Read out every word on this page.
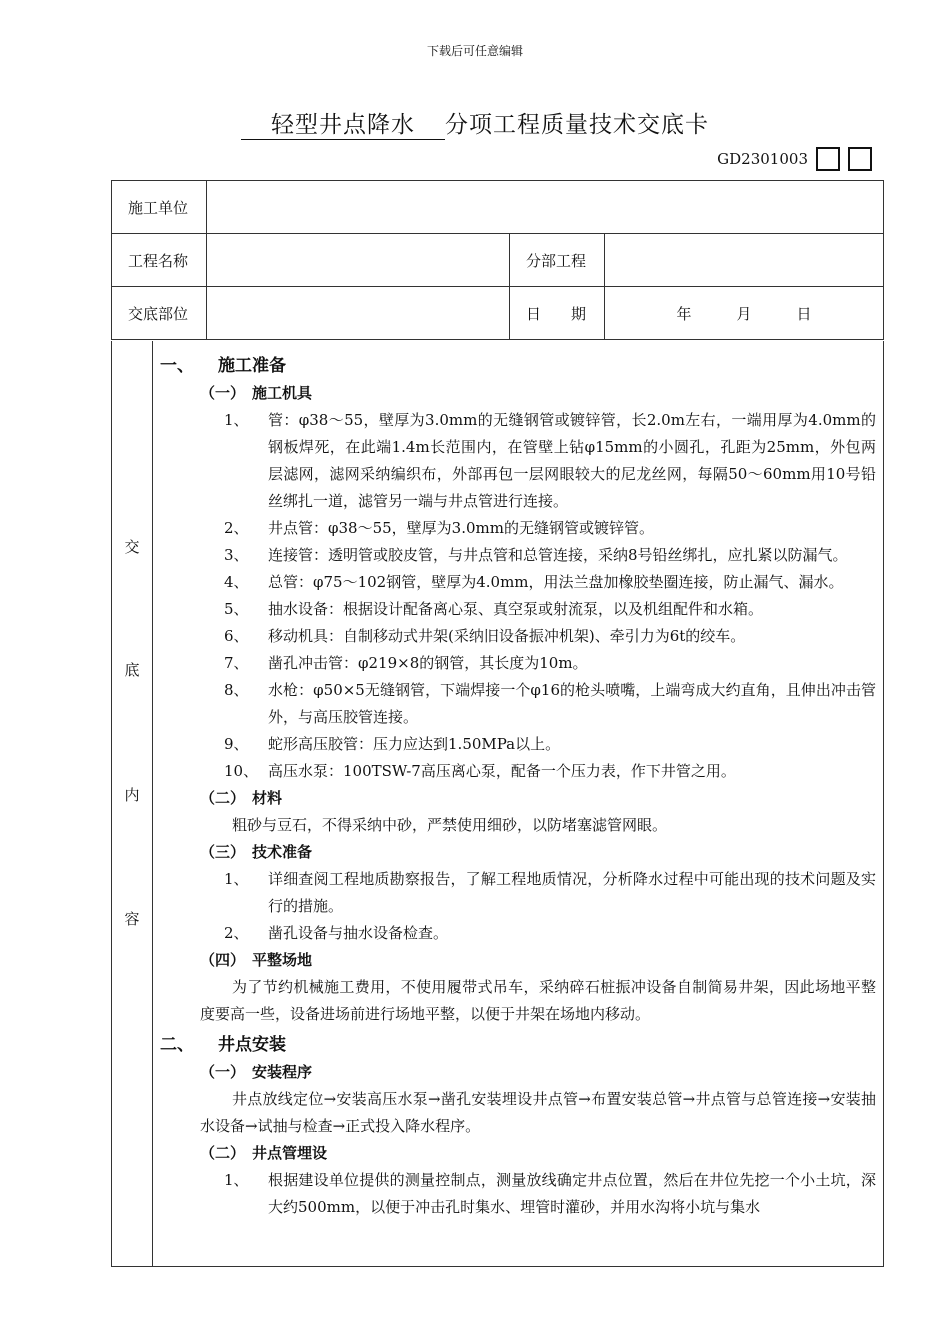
下载后可任意编辑
轻型井点降水 分项工程质量技术交底卡
GD2301003
施工单位			
工程名称		分部工程	
交底部位		日　　期	年　　　月　　　日
交
底
内
容

一、 施工准备

（一） 施工机具

1、	管：φ38～55，壁厚为3.0mm的无缝钢管或镀锌管，长2.0m左右，一端用厚为4.0mm的钢板焊死，在此端1.4m长范围内，在管壁上钻φ15mm的小圆孔，孔距为25mm，外包两层滤网，滤网采纳编织布，外部再包一层网眼较大的尼龙丝网，每隔50～60mm用10号铅丝绑扎一道，滤管另一端与井点管进行连接。
2、	井点管：φ38～55，壁厚为3.0mm的无缝钢管或镀锌管。
3、	连接管：透明管或胶皮管，与井点管和总管连接，采纳8号铅丝绑扎，应扎紧以防漏气。
4、	总管：φ75～102钢管，壁厚为4.0mm，用法兰盘加橡胶垫圈连接，防止漏气、漏水。
5、	抽水设备：根据设计配备离心泵、真空泵或射流泵，以及机组配件和水箱。
6、	移动机具：自制移动式井架(采纳旧设备振冲机架)、牵引力为6t的绞车。
7、	凿孔冲击管：φ219×8的钢管，其长度为10m。
8、	水枪：φ50×5无缝钢管，下端焊接一个φ16的枪头喷嘴，上端弯成大约直角，且伸出冲击管外，与高压胶管连接。
9、	蛇形高压胶管：压力应达到1.50MPa以上。
10、 高压水泵：100TSW-7高压离心泵，配备一个压力表，作下井管之用。

（二） 材料

粗砂与豆石，不得采纳中砂，严禁使用细砂，以防堵塞滤管网眼。

（三） 技术准备

1、	详细查阅工程地质勘察报告，了解工程地质情况，分析降水过程中可能出现的技术问题及实行的措施。
2、	凿孔设备与抽水设备检查。

（四） 平整场地

为了节约机械施工费用，不使用履带式吊车，采纳碎石桩振冲设备自制简易井架，因此场地平整度要高一些，设备进场前进行场地平整，以便于井架在场地内移动。

二、 井点安装

（一） 安装程序

井点放线定位→安装高压水泵→凿孔安装埋设井点管→布置安装总管→井点管与总管连接→安装抽水设备→试抽与检查→正式投入降水程序。

（二） 井点管埋设

1、	根据建设单位提供的测量控制点，测量放线确定井点位置，然后在井位先挖一个小土坑，深大约500mm，以便于冲击孔时集水、埋管时灌砂，并用水沟将小坑与集水
